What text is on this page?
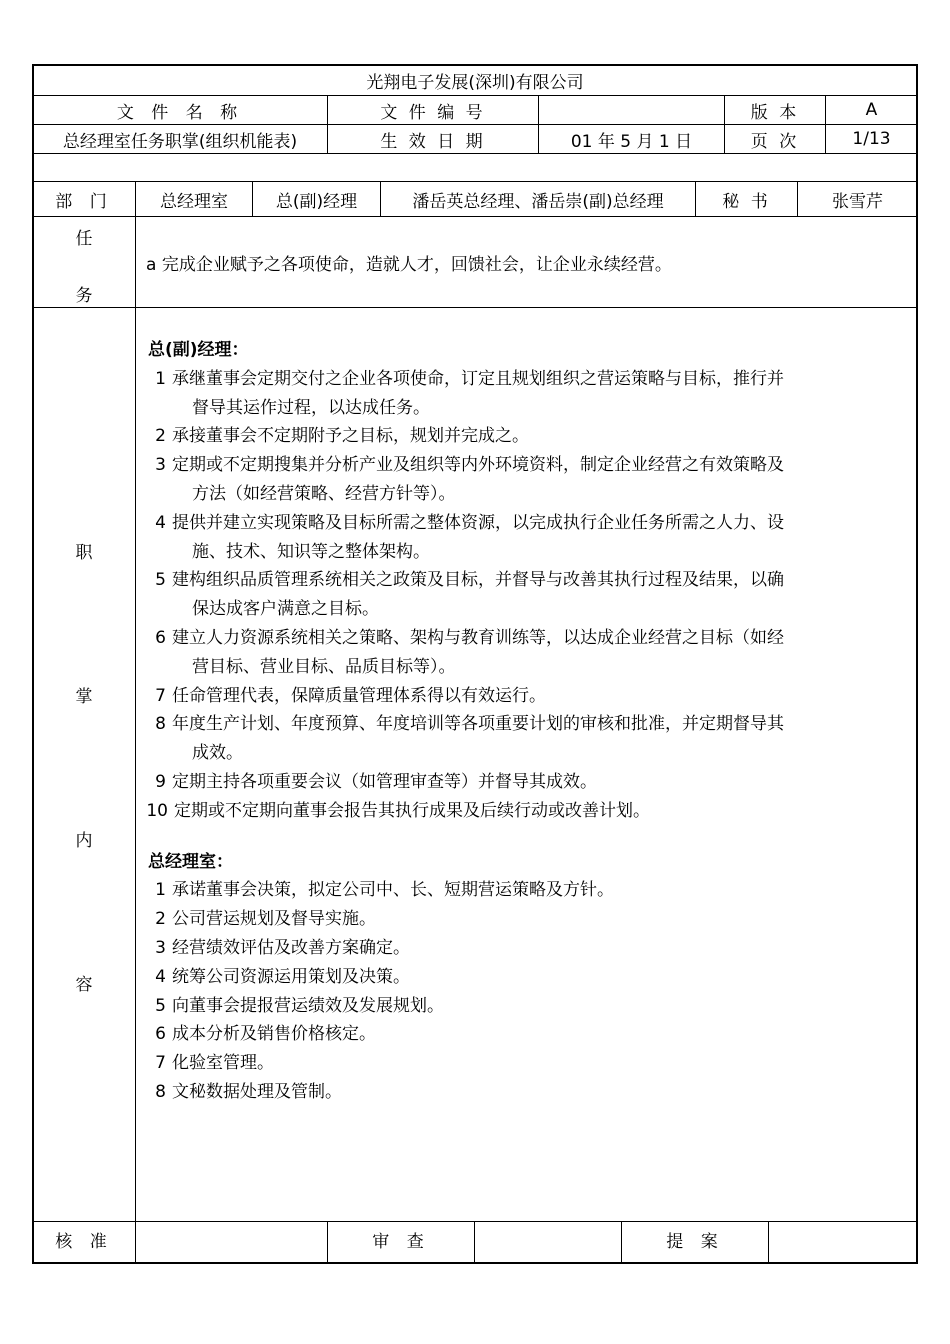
光翔电子发展(深圳)有限公司
文 件 名 称	文 件 编 号	版 本	A
总经理室任务职掌(组织机能表)	生 效 日 期	01 年 5 月 1 日	页 次	1/13
部 门	总经理室	总(副)经理	潘岳英总经理、潘岳崇(副)总经理	秘 书	张雪芹
任
务
a 完成企业赋予之各项使命，造就人才，回馈社会，让企业永续经营。
职
掌
内
容
总(副)经理：
1 承继董事会定期交付之企业各项使命，订定且规划组织之营运策略与目标，推行并
督导其运作过程，以达成任务。
2 承接董事会不定期附予之目标，规划并完成之。
3 定期或不定期搜集并分析产业及组织等内外环境资料，制定企业经营之有效策略及
方法（如经营策略、经营方针等）。
4 提供并建立实现策略及目标所需之整体资源，以完成执行企业任务所需之人力、设
施、技术、知识等之整体架构。
5 建构组织品质管理系统相关之政策及目标，并督导与改善其执行过程及结果，以确
保达成客户满意之目标。
6 建立人力资源系统相关之策略、架构与教育训练等，以达成企业经营之目标（如经
营目标、营业目标、品质目标等）。
7 任命管理代表，保障质量管理体系得以有效运行。
8 年度生产计划、年度预算、年度培训等各项重要计划的审核和批准，并定期督导其
成效。
9 定期主持各项重要会议（如管理审查等）并督导其成效。
10 定期或不定期向董事会报告其执行成果及后续行动或改善计划。
总经理室：
1 承诺董事会决策，拟定公司中、长、短期营运策略及方针。
2 公司营运规划及督导实施。
3 经营绩效评估及改善方案确定。
4 统筹公司资源运用策划及决策。
5 向董事会提报营运绩效及发展规划。
6 成本分析及销售价格核定。
7 化验室管理。
8 文秘数据处理及管制。
核 准	审 查	提 案
